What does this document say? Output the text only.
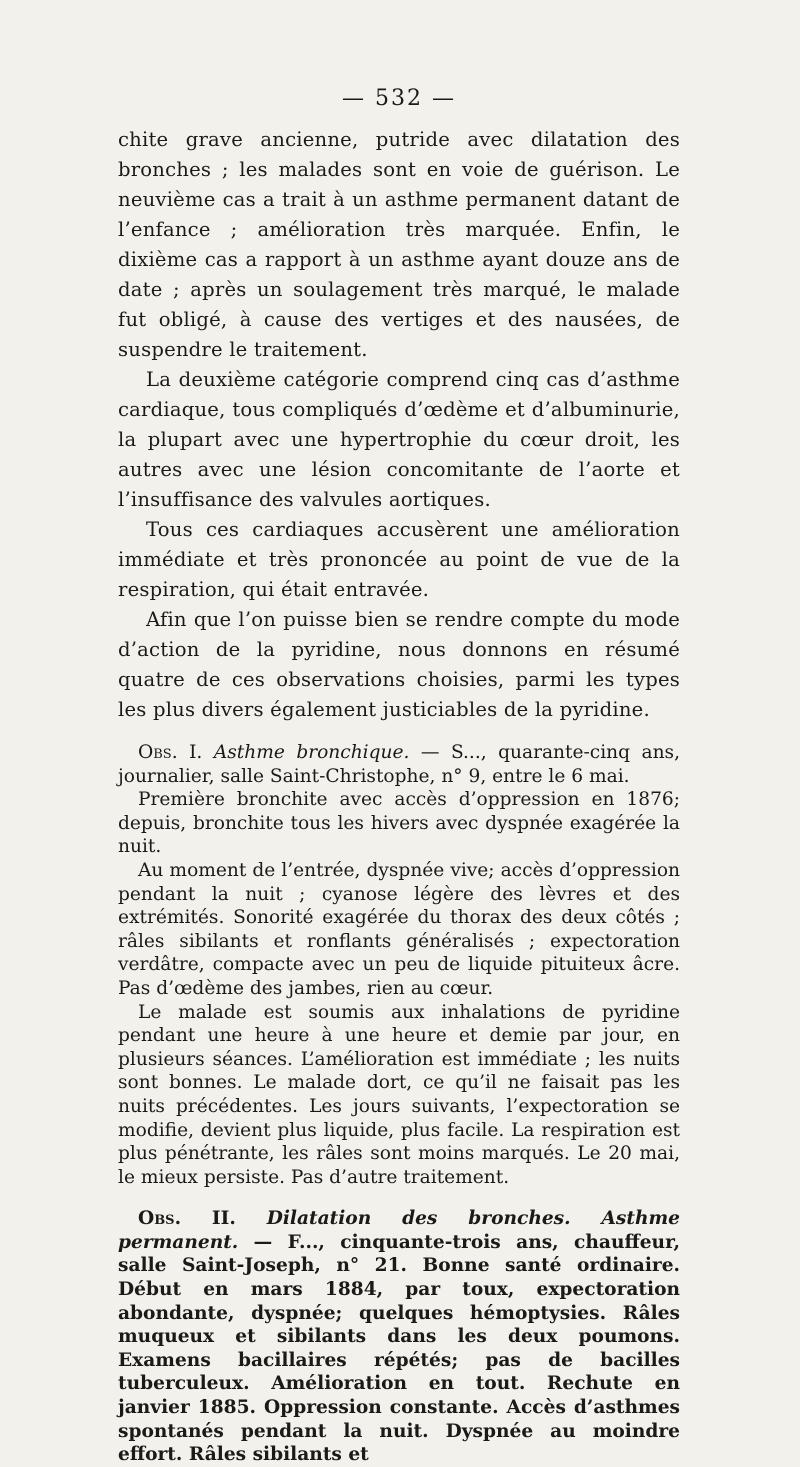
— 532 —

chite grave ancienne, putride avec dilatation des bronches ; les malades sont en voie de guérison. Le neuvième cas a trait à un asthme permanent datant de l’enfance ; amélioration très marquée. Enfin, le dixième cas a rapport à un asthme ayant douze ans de date ; après un soulagement très marqué, le malade fut obligé, à cause des vertiges et des nausées, de suspendre le traitement.

La deuxième catégorie comprend cinq cas d’asthme cardiaque, tous compliqués d’œdème et d’albuminurie, la plupart avec une hypertrophie du cœur droit, les autres avec une lésion concomitante de l’aorte et l’insuffisance des valvules aortiques.

Tous ces cardiaques accusèrent une amélioration immédiate et très prononcée au point de vue de la respiration, qui était entravée.

Afin que l’on puisse bien se rendre compte du mode d’action de la pyridine, nous donnons en résumé quatre de ces observations choisies, parmi les types les plus divers également justiciables de la pyridine.

Obs. I. Asthme bronchique. — S..., quarante-cinq ans, journalier, salle Saint-Christophe, n° 9, entre le 6 mai.

Première bronchite avec accès d’oppression en 1876; depuis, bronchite tous les hivers avec dyspnée exagérée la nuit.

Au moment de l’entrée, dyspnée vive; accès d’oppression pendant la nuit ; cyanose légère des lèvres et des extrémités. Sonorité exagérée du thorax des deux côtés ; râles sibilants et ronflants généralisés ; expectoration verdâtre, compacte avec un peu de liquide pituiteux âcre. Pas d’œdème des jambes, rien au cœur.

Le malade est soumis aux inhalations de pyridine pendant une heure à une heure et demie par jour, en plusieurs séances. L’amélioration est immédiate ; les nuits sont bonnes. Le malade dort, ce qu’il ne faisait pas les nuits précédentes. Les jours suivants, l’expectoration se modifie, devient plus liquide, plus facile. La respiration est plus pénétrante, les râles sont moins marqués. Le 20 mai, le mieux persiste. Pas d’autre traitement.

Obs. II. Dilatation des bronches. Asthme permanent. — F..., cinquante-trois ans, chauffeur, salle Saint-Joseph, n° 21. Bonne santé ordinaire. Début en mars 1884, par toux, expectoration abondante, dyspnée; quelques hémoptysies. Râles muqueux et sibilants dans les deux poumons. Examens bacillaires répétés; pas de bacilles tuberculeux. Amélioration en tout. Rechute en janvier 1885. Oppression constante. Accès d’asthmes spontanés pendant la nuit. Dyspnée au moindre effort. Râles sibilants et
